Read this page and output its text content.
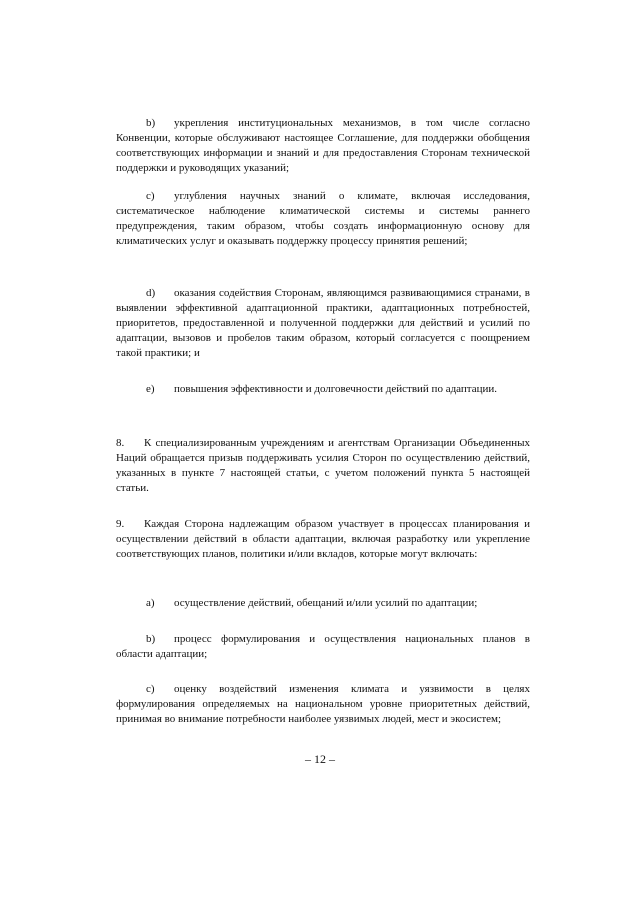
b) укрепления институциональных механизмов, в том числе согласно Конвенции, которые обслуживают настоящее Соглашение, для поддержки обобщения соответствующих информации и знаний и для предоставления Сторонам технической поддержки и руководящих указаний;

c) углубления научных знаний о климате, включая исследования, систематическое наблюдение климатической системы и системы раннего предупреждения, таким образом, чтобы создать информационную основу для климатических услуг и оказывать поддержку процессу принятия решений;

d) оказания содействия Сторонам, являющимся развивающимися странами, в выявлении эффективной адаптационной практики, адаптационных потребностей, приоритетов, предоставленной и полученной поддержки для действий и усилий по адаптации, вызовов и пробелов таким образом, который согласуется с поощрением такой практики; и

e) повышения эффективности и долговечности действий по адаптации.

8. К специализированным учреждениям и агентствам Организации Объединенных Наций обращается призыв поддерживать усилия Сторон по осуществлению действий, указанных в пункте 7 настоящей статьи, с учетом положений пункта 5 настоящей статьи.

9. Каждая Сторона надлежащим образом участвует в процессах планирования и осуществлении действий в области адаптации, включая разработку или укрепление соответствующих планов, политики и/или вкладов, которые могут включать:

a) осуществление действий, обещаний и/или усилий по адаптации;

b) процесс формулирования и осуществления национальных планов в области адаптации;

c) оценку воздействий изменения климата и уязвимости в целях формулирования определяемых на национальном уровне приоритетных действий, принимая во внимание потребности наиболее уязвимых людей, мест и экосистем;

– 12 –
